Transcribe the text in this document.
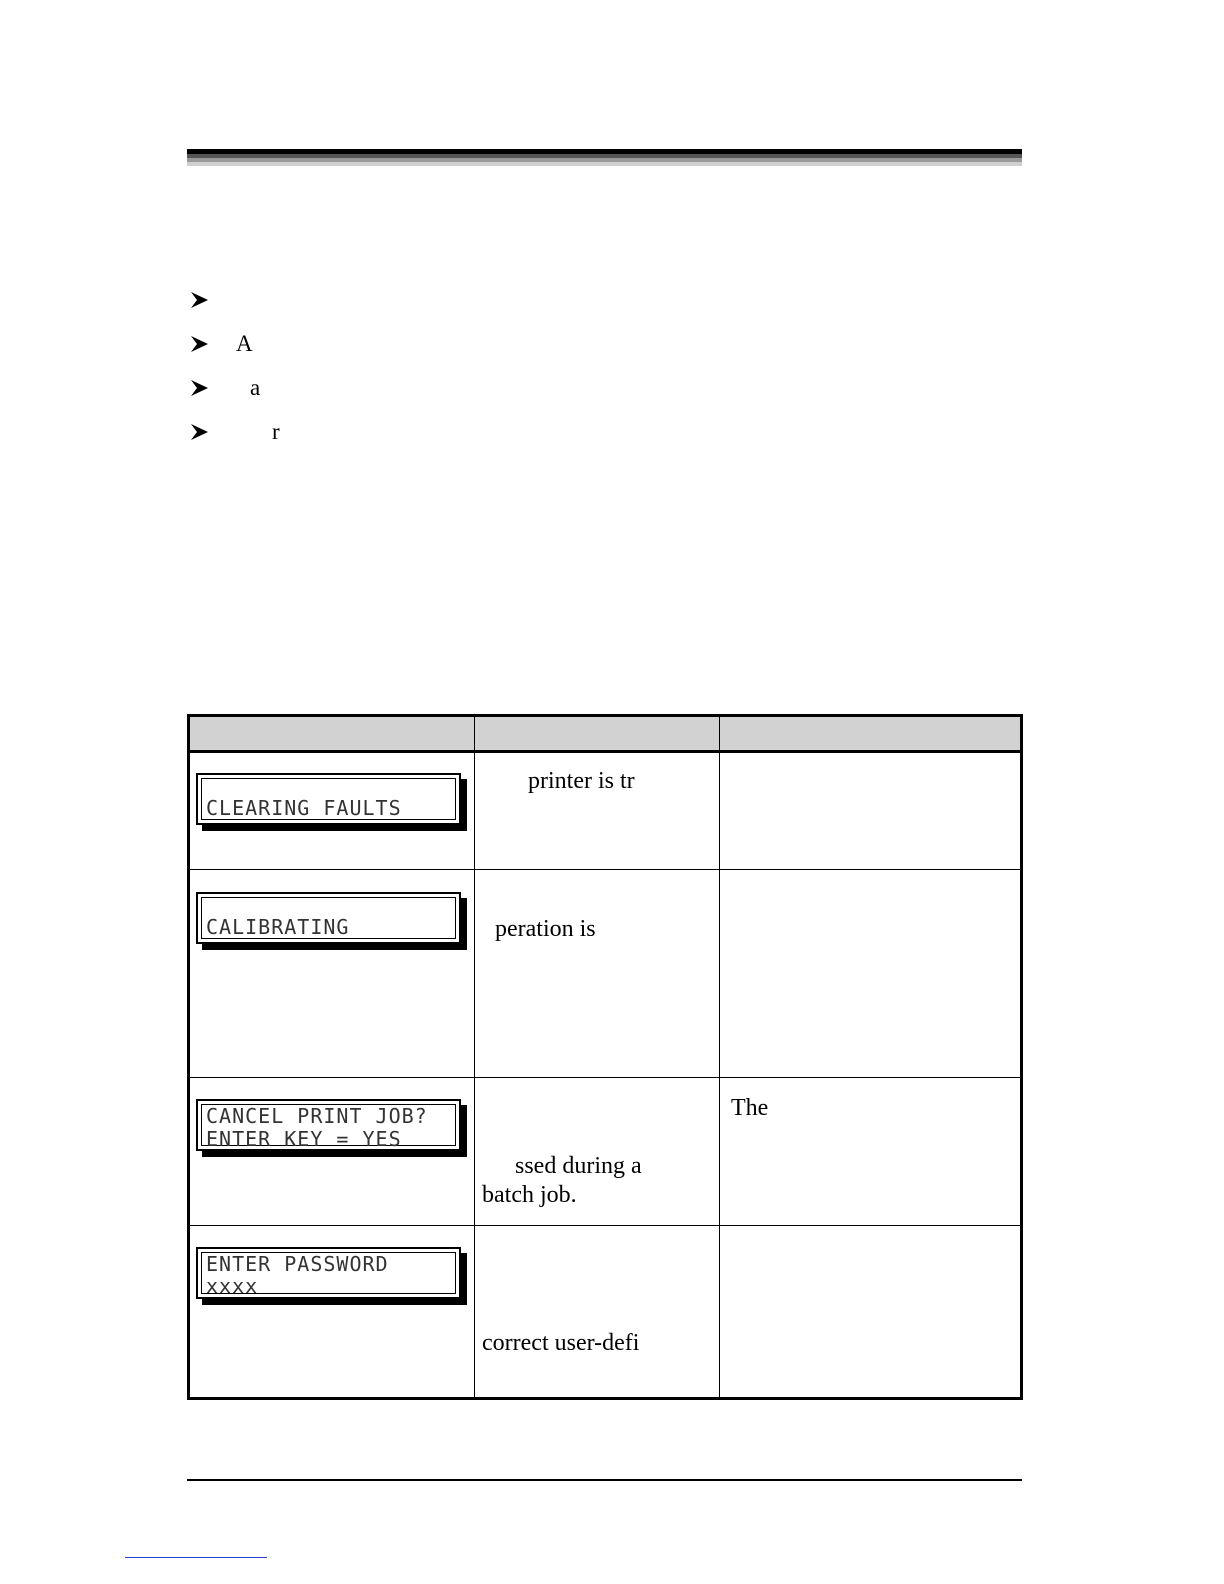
A
a
r
CLEARING FAULTS
printer is tr
CALIBRATING	peration is
CANCEL PRINT JOB?
ENTER KEY = YES
ssed during a
batch job.
The
ENTER PASSWORD
xxxx
correct user-defi
